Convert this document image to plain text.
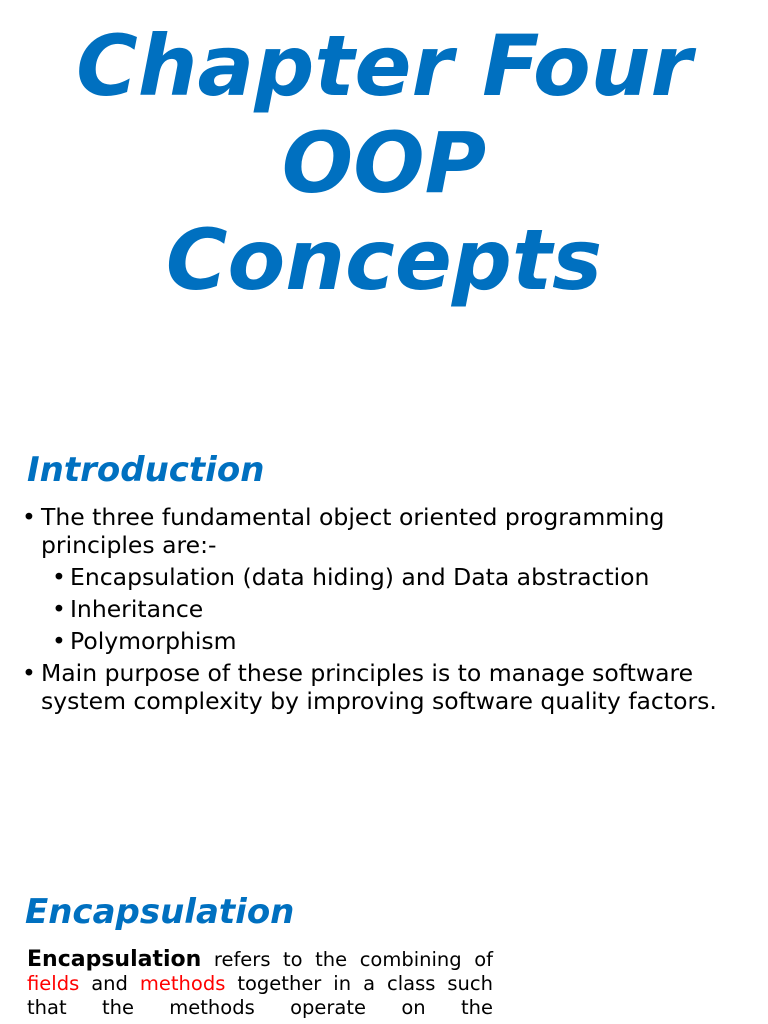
Chapter Four
OOP
Concepts
Introduction
• The three fundamental object oriented programming principles are:-
• Encapsulation (data hiding) and Data abstraction
• Inheritance
• Polymorphism
• Main purpose of these principles is to manage software system complexity by improving software quality factors.
Encapsulation
Encapsulation refers to the combining of fields and methods together in a class such that the methods operate on the
